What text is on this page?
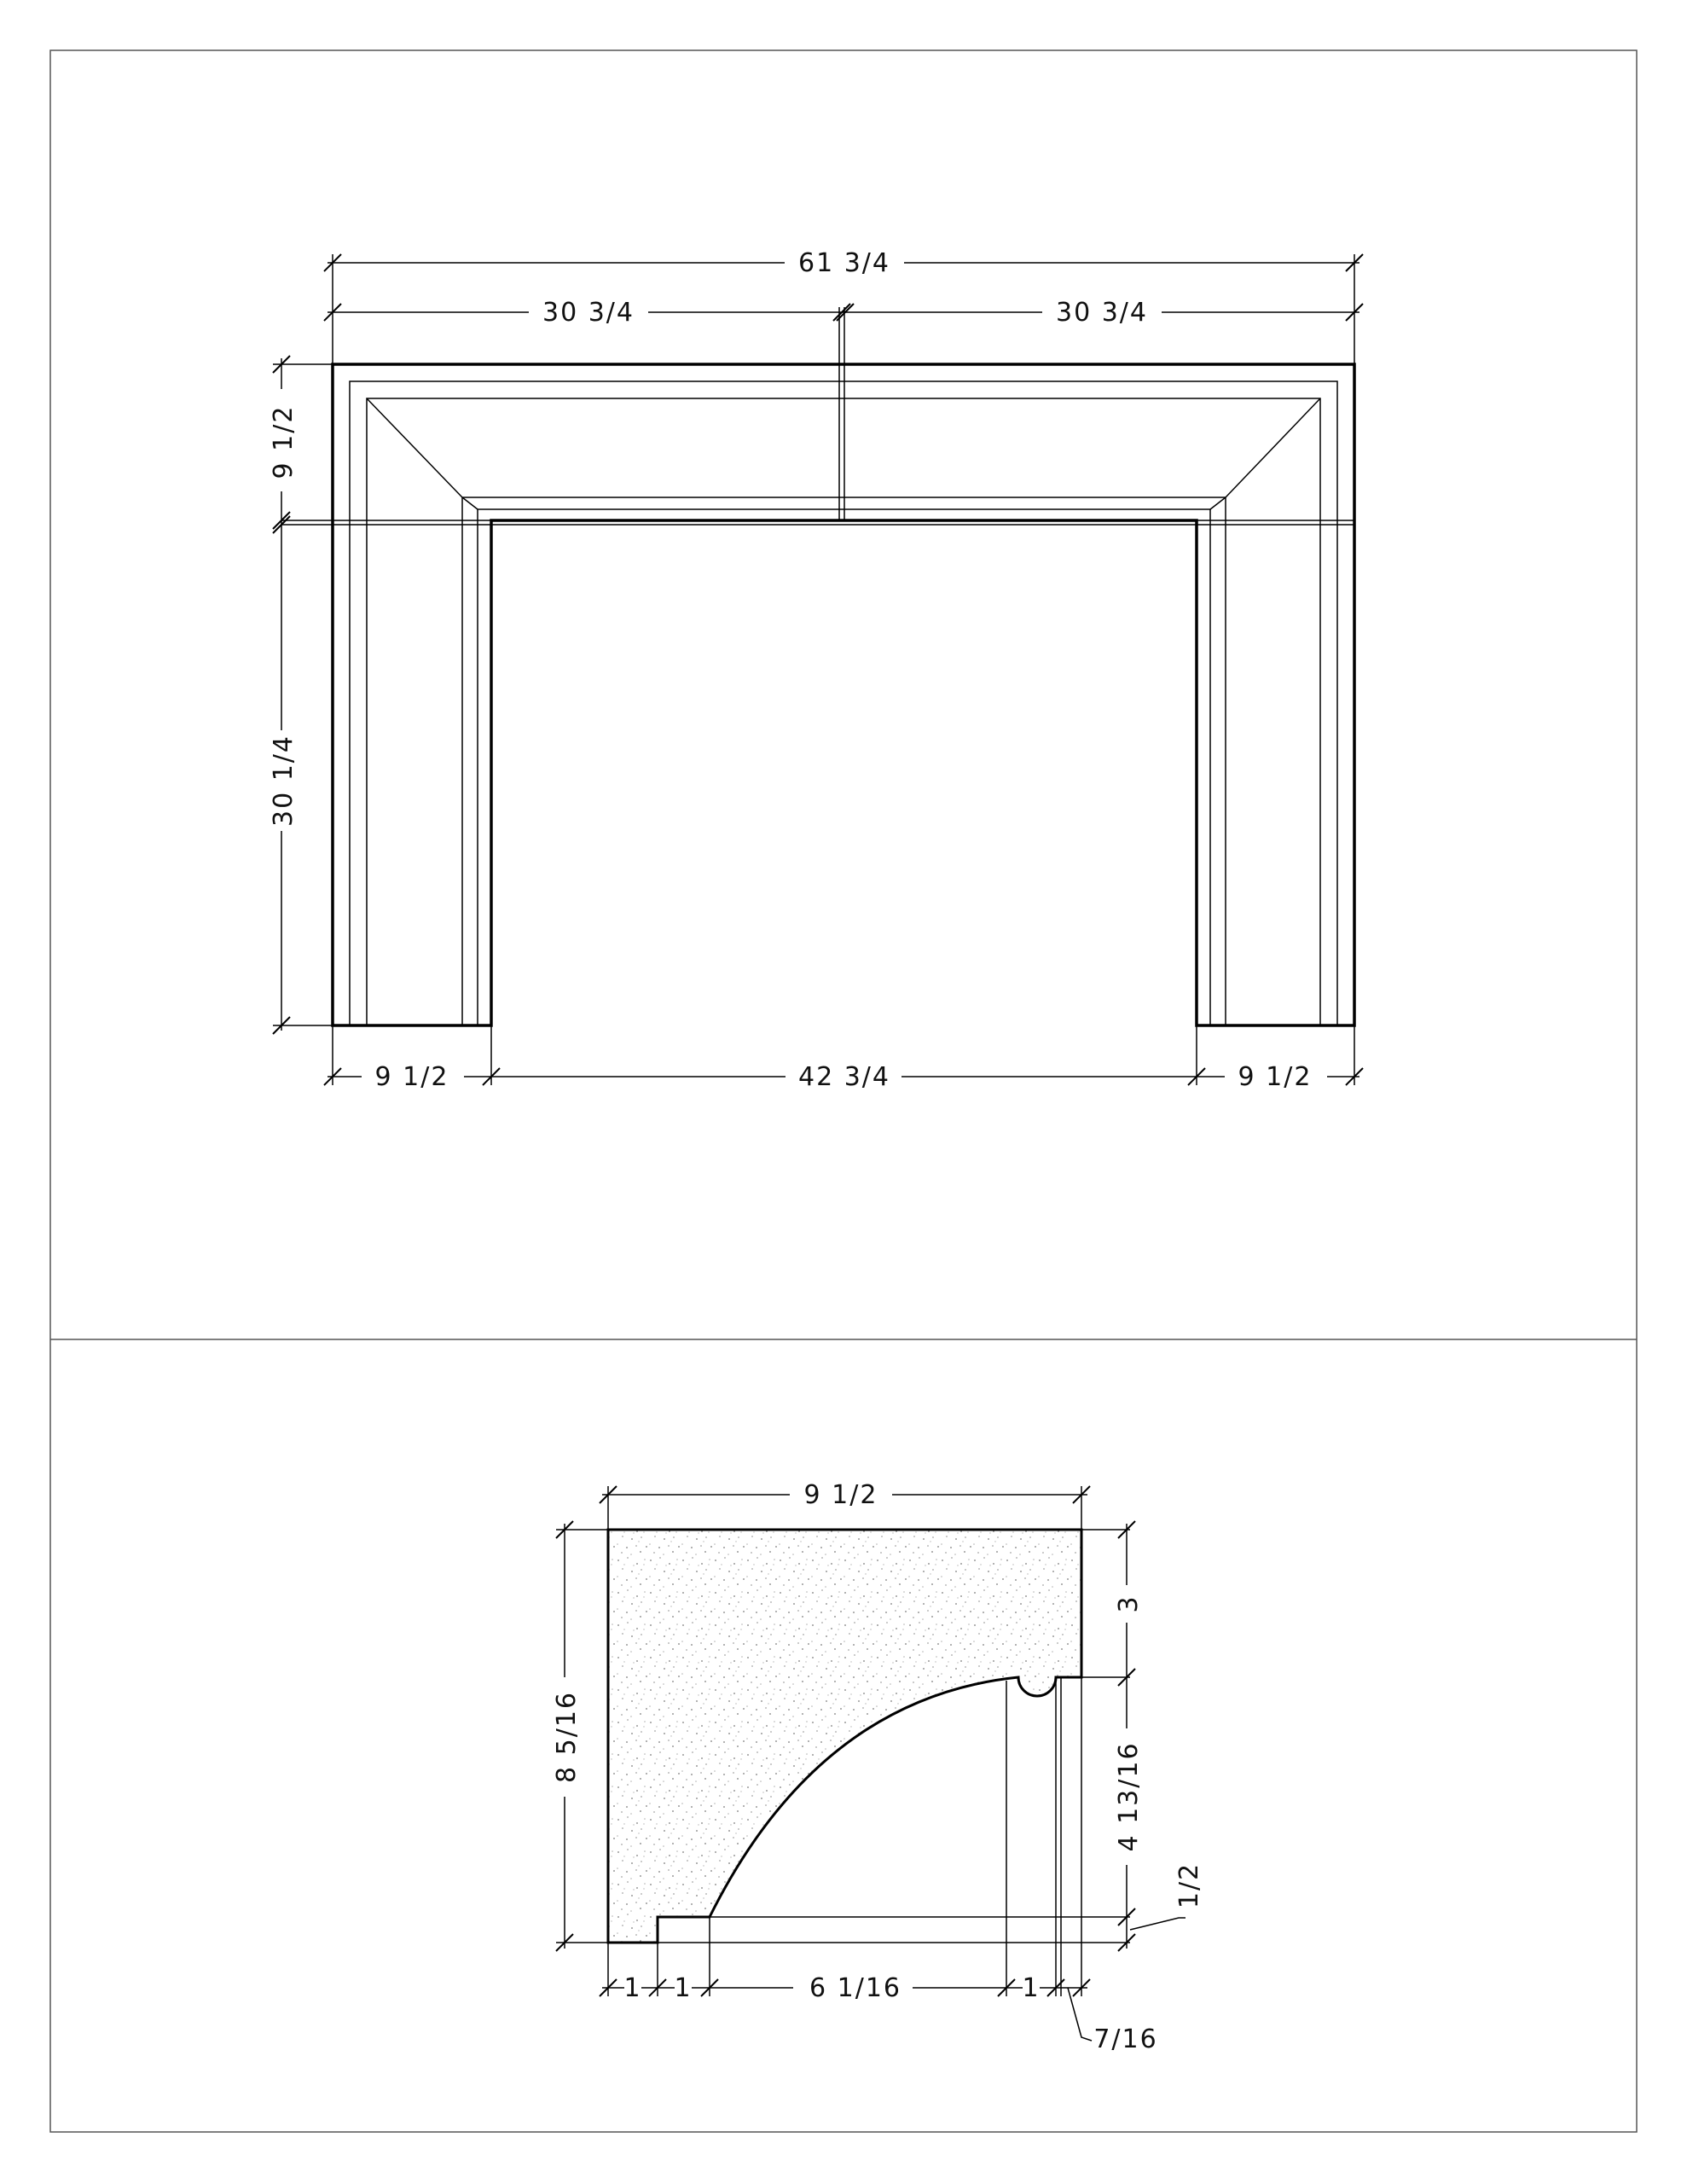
61 3/4
30 3/4	30 3/4
9 1/2
30 1/4
9 1/2	42 3/4	9 1/2
9 1/2
8 5/16
3
4 13/16
1/2
1 1	6 1/16	1
7/16
